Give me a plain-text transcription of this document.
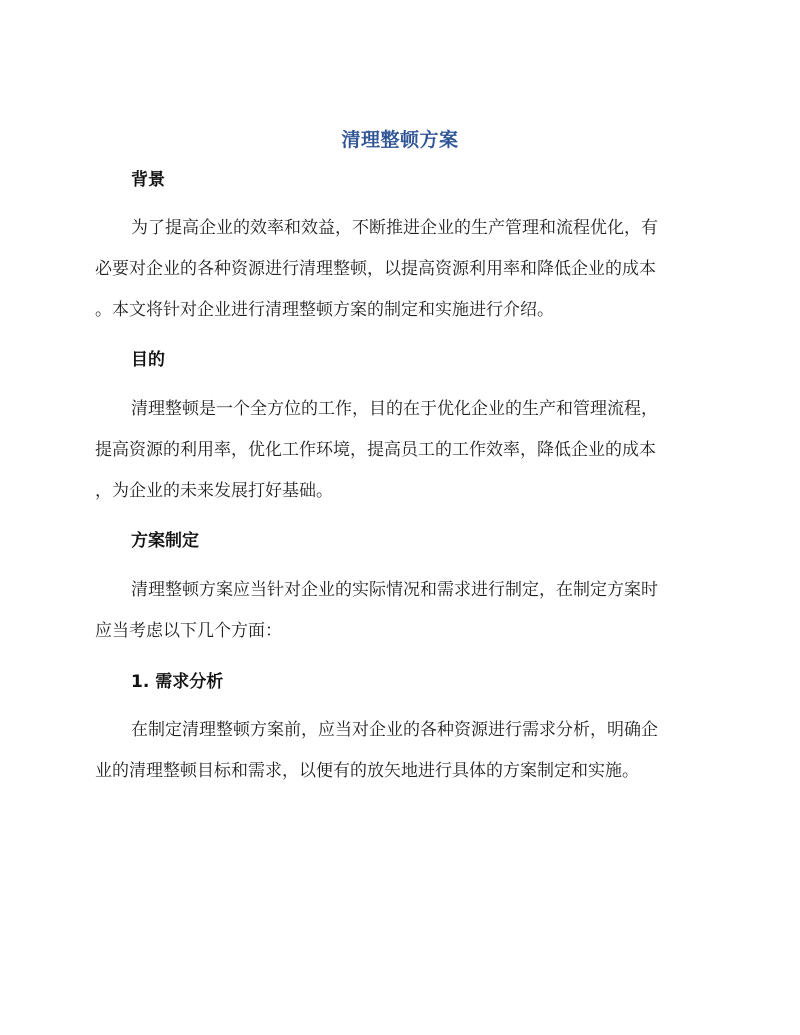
清理整顿方案
背景
为了提高企业的效率和效益，不断推进企业的生产管理和流程优化，有
必要对企业的各种资源进行清理整顿，以提高资源利用率和降低企业的成本
。本文将针对企业进行清理整顿方案的制定和实施进行介绍。
目的
清理整顿是一个全方位的工作，目的在于优化企业的生产和管理流程，
提高资源的利用率，优化工作环境，提高员工的工作效率，降低企业的成本
，为企业的未来发展打好基础。
方案制定
清理整顿方案应当针对企业的实际情况和需求进行制定，在制定方案时
应当考虑以下几个方面：
1. 需求分析
在制定清理整顿方案前，应当对企业的各种资源进行需求分析，明确企
业的清理整顿目标和需求，以便有的放矢地进行具体的方案制定和实施。
